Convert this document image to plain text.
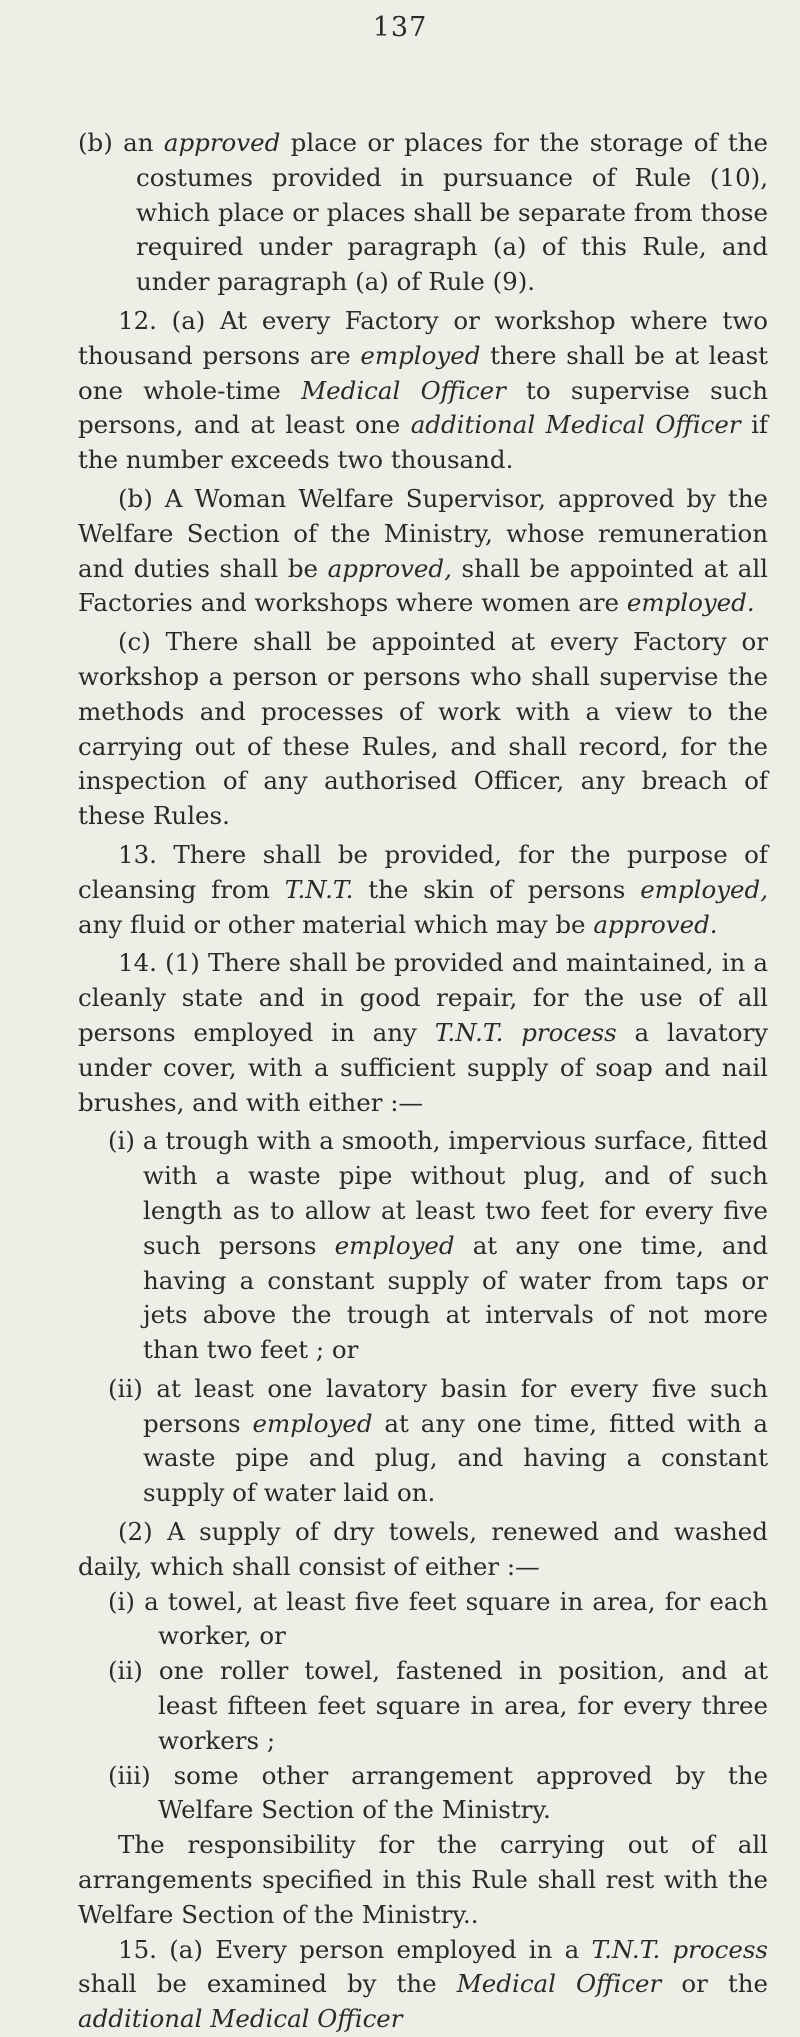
137

(b) an approved place or places for the storage of the costumes provided in pursuance of Rule (10), which place or places shall be separate from those required under paragraph (a) of this Rule, and under paragraph (a) of Rule (9).

12. (a) At every Factory or workshop where two thousand persons are employed there shall be at least one whole-time Medical Officer to supervise such persons, and at least one additional Medical Officer if the number exceeds two thousand.

(b) A Woman Welfare Supervisor, approved by the Welfare Section of the Ministry, whose remuneration and duties shall be approved, shall be appointed at all Factories and workshops where women are employed.

(c) There shall be appointed at every Factory or workshop a person or persons who shall supervise the methods and processes of work with a view to the carrying out of these Rules, and shall record, for the inspection of any authorised Officer, any breach of these Rules.

13. There shall be provided, for the purpose of cleansing from T.N.T. the skin of persons employed, any fluid or other material which may be approved.

14. (1) There shall be provided and maintained, in a cleanly state and in good repair, for the use of all persons employed in any T.N.T. process a lavatory under cover, with a sufficient supply of soap and nail brushes, and with either :—

(i) a trough with a smooth, impervious surface, fitted with a waste pipe without plug, and of such length as to allow at least two feet for every five such persons employed at any one time, and having a constant supply of water from taps or jets above the trough at intervals of not more than two feet ; or

(ii) at least one lavatory basin for every five such persons employed at any one time, fitted with a waste pipe and plug, and having a constant supply of water laid on.

(2) A supply of dry towels, renewed and washed daily, which shall consist of either :—

(i) a towel, at least five feet square in area, for each worker, or

(ii) one roller towel, fastened in position, and at least fifteen feet square in area, for every three workers ;

(iii) some other arrangement approved by the Welfare Section of the Ministry.

The responsibility for the carrying out of all arrangements specified in this Rule shall rest with the Welfare Section of the Ministry..

15. (a) Every person employed in a T.N.T. process shall be examined by the Medical Officer or the additional Medical Officer
